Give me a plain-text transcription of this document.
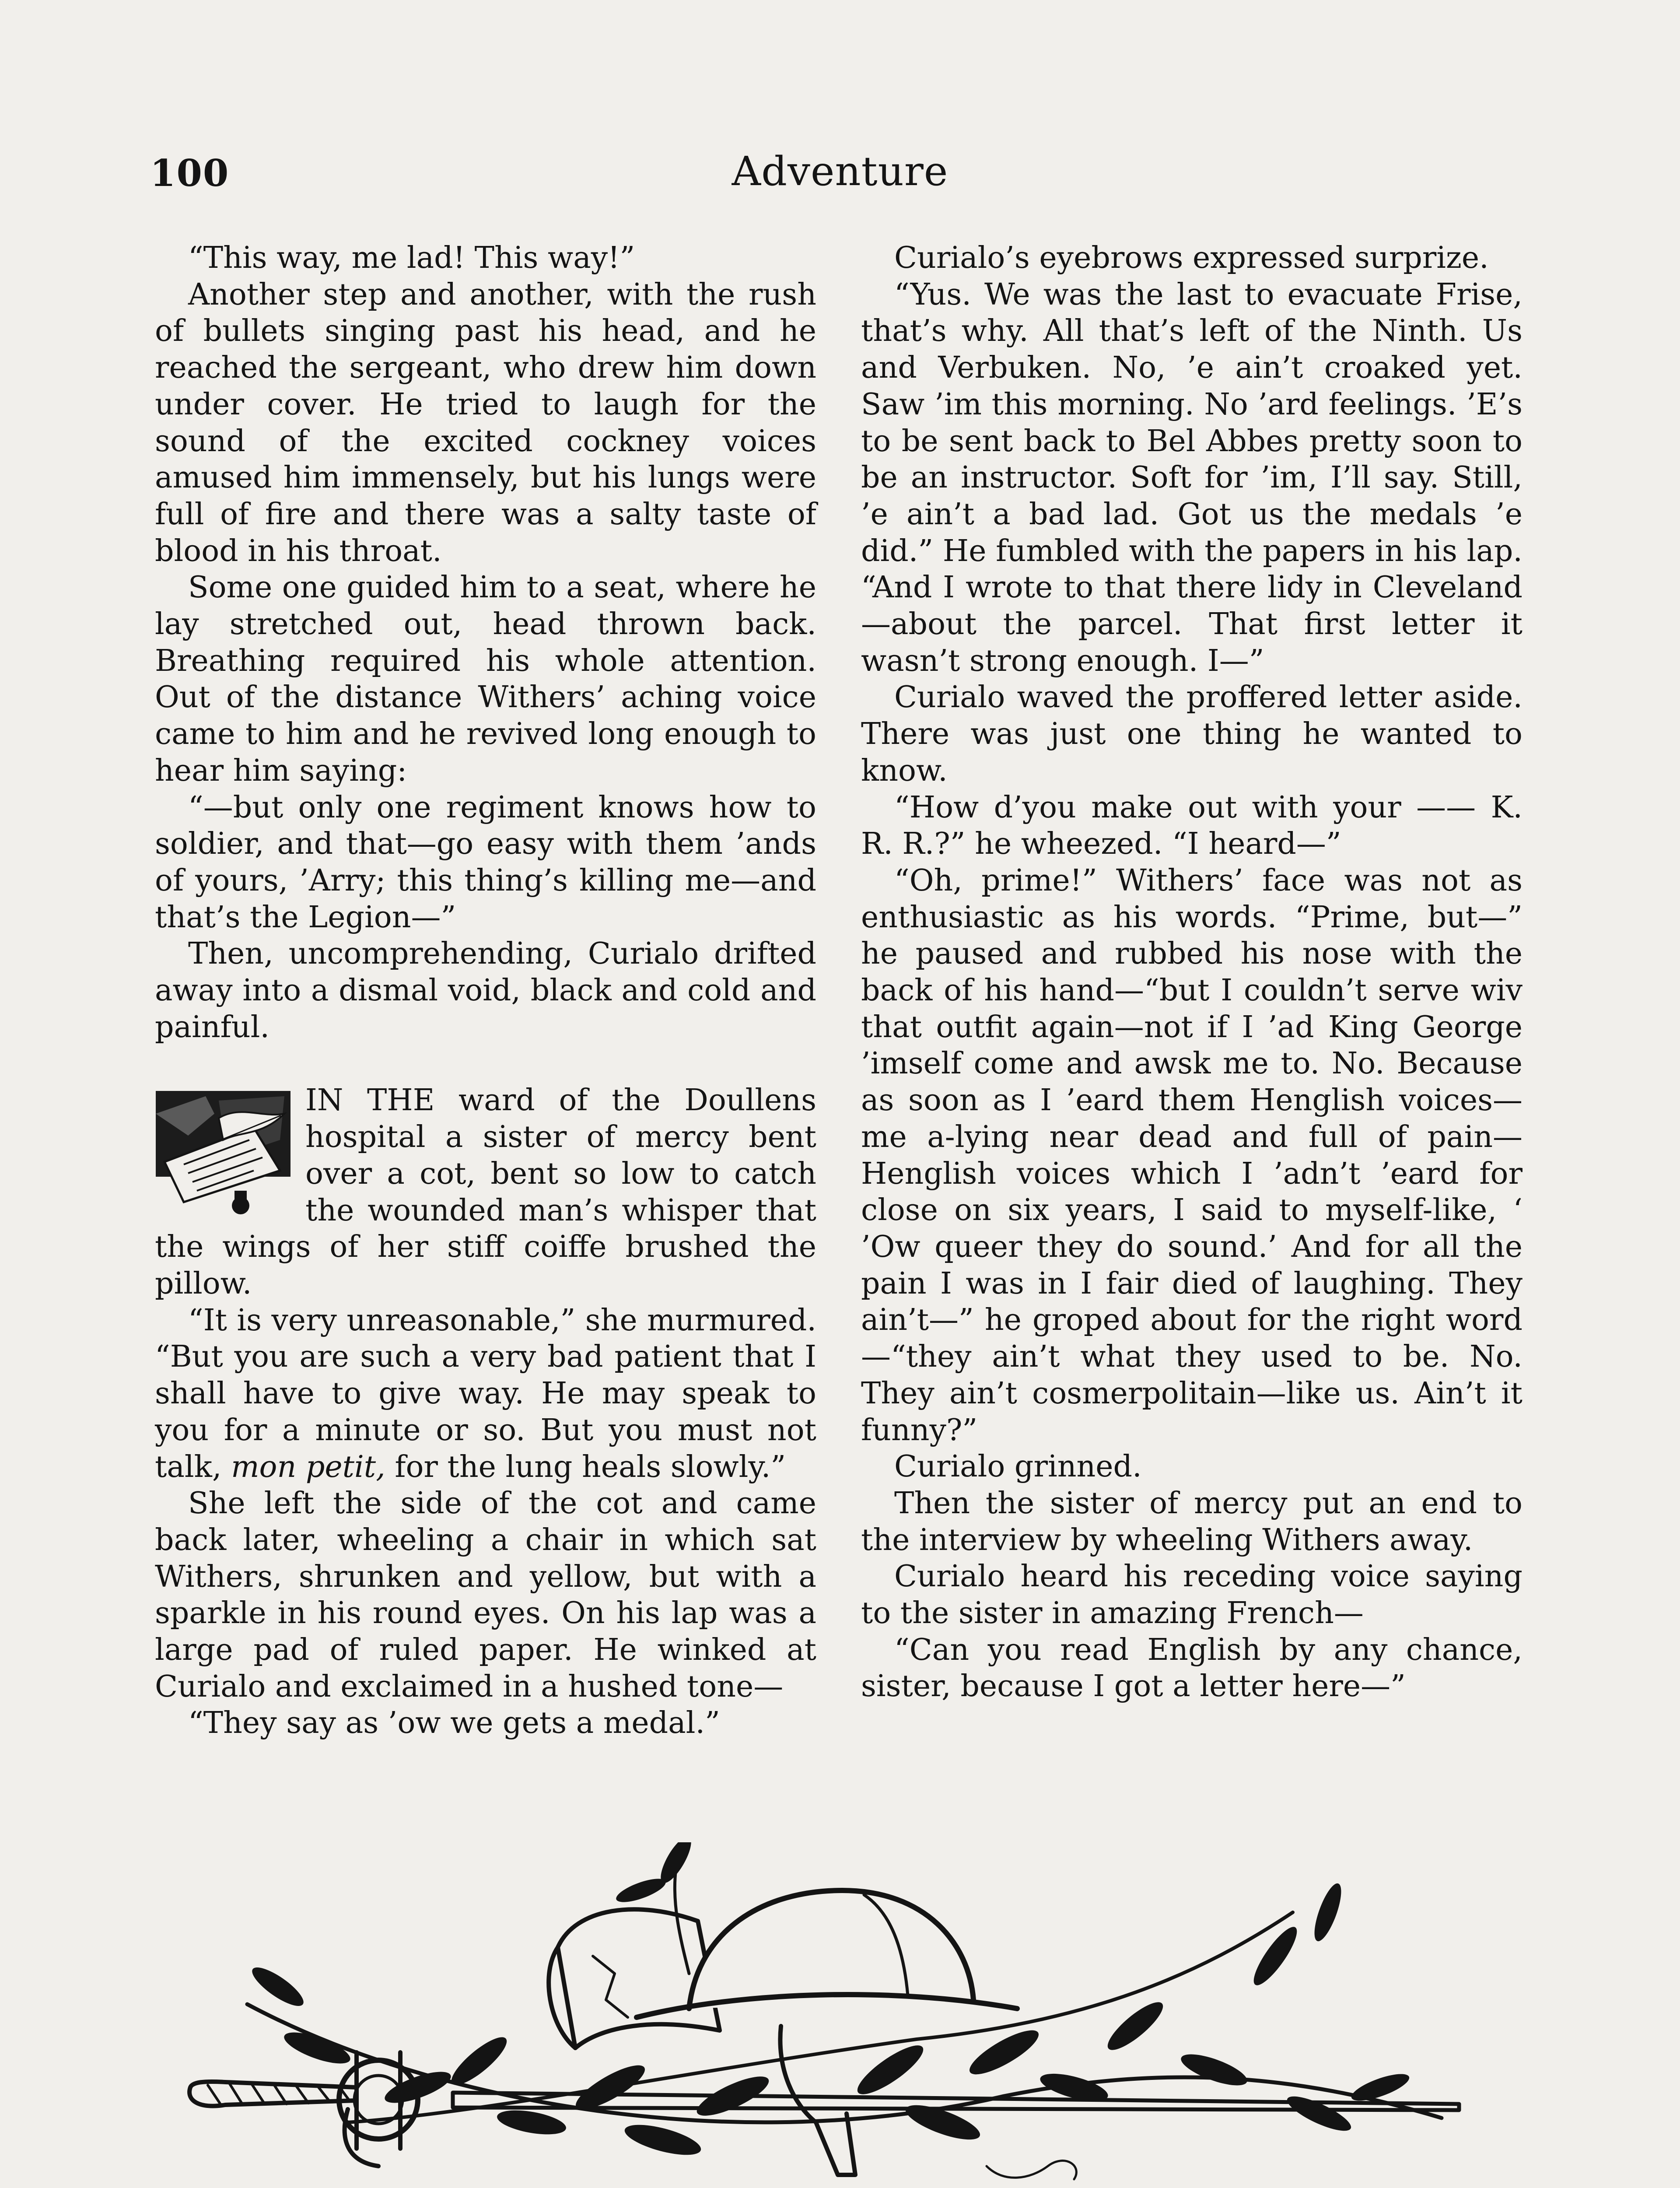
100	Adventure

“This way, me lad! This way!”

Another step and another, with the rush of bullets singing past his head, and he reached the sergeant, who drew him down under cover. He tried to laugh for the sound of the excited cockney voices amused him immensely, but his lungs were full of fire and there was a salty taste of blood in his throat.

Some one guided him to a seat, where he lay stretched out, head thrown back. Breathing required his whole attention. Out of the distance Withers’ aching voice came to him and he revived long enough to hear him saying:

“—but only one regiment knows how to soldier, and that—go easy with them ’ands of yours, ’Arry; this thing’s killing me—and that’s the Legion—”

Then, uncomprehending, Curialo drifted away into a dismal void, black and cold and painful.

IN THE ward of the Doullens hospital a sister of mercy bent over a cot, bent so low to catch the wounded man’s whisper that the wings of her stiff coiffe brushed the pillow.

“It is very unreasonable,” she murmured. “But you are such a very bad patient that I shall have to give way. He may speak to you for a minute or so. But you must not talk, mon petit, for the lung heals slowly.”

She left the side of the cot and came back later, wheeling a chair in which sat Withers, shrunken and yellow, but with a sparkle in his round eyes. On his lap was a large pad of ruled paper. He winked at Curialo and exclaimed in a hushed tone—

“They say as ’ow we gets a medal.”

Curialo’s eyebrows expressed surprize.

“Yus. We was the last to evacuate Frise, that’s why. All that’s left of the Ninth. Us and Verbuken. No, ’e ain’t croaked yet. Saw ’im this morning. No ’ard feelings. ’E’s to be sent back to Bel Abbes pretty soon to be an instructor. Soft for ’im, I’ll say. Still, ’e ain’t a bad lad. Got us the medals ’e did.” He fumbled with the papers in his lap. “And I wrote to that there lidy in Cleveland—about the parcel. That first letter it wasn’t strong enough. I—”

Curialo waved the proffered letter aside. There was just one thing he wanted to know.

“How d’you make out with your —— K. R. R.?” he wheezed. “I heard—”

“Oh, prime!” Withers’ face was not as enthusiastic as his words. “Prime, but—” he paused and rubbed his nose with the back of his hand—“but I couldn’t serve wiv that outfit again—not if I ’ad King George ’imself come and awsk me to. No. Because as soon as I ’eard them Henglish voices—me a-lying near dead and full of pain—Henglish voices which I ’adn’t ’eard for close on six years, I said to myself-like, ‘ ’Ow queer they do sound.’ And for all the pain I was in I fair died of laughing. They ain’t—” he groped about for the right word—“they ain’t what they used to be. No. They ain’t cosmerpolitain—like us. Ain’t it funny?”

Curialo grinned.

Then the sister of mercy put an end to the interview by wheeling Withers away.

Curialo heard his receding voice saying to the sister in amazing French—

“Can you read English by any chance, sister, because I got a letter here—”
